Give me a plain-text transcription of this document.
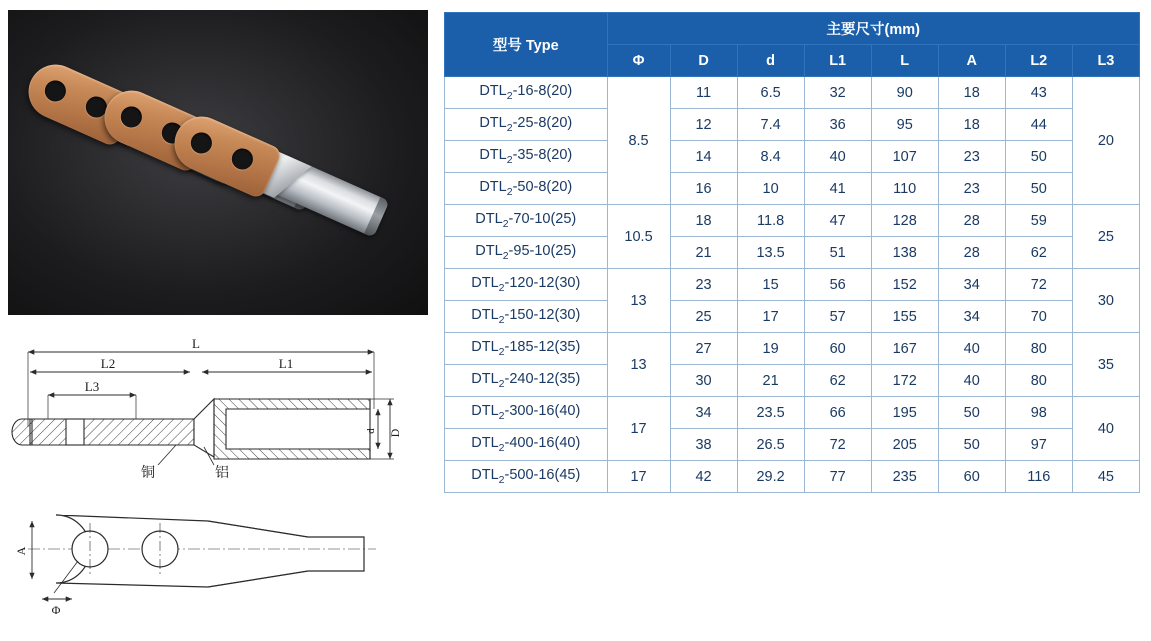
L
L2	L1
L3
D
d
铜	铝
A
Φ
型号 Type	主要尺寸(mm)							
	Φ	D	d	L1	L	A	L2	L3
$DTL_2-16-8(20)$	8.5	11	6.5	32	90	18	43	20
$DTL_2-25-8(20)$		12	7.4	36	95	18	44	
$DTL_2-35-8(20)$		14	8.4	40	107	23	50	
$DTL_2-50-8(20)$		16	10	41	110	23	50	
$DTL_2-70-10(25)$	10.5	18	11.8	47	128	28	59	25
$DTL_2-95-10(25)$		21	13.5	51	138	28	62	
$DTL_2-120-12(30)$	13	23	15	56	152	34	72	30
$DTL_2-150-12(30)$		25	17	57	155	34	70	
$DTL_2-185-12(35)$	13	27	19	60	167	40	80	35
$DTL_2-240-12(35)$		30	21	62	172	40	80	
$DTL_2-300-16(40)$	17	34	23.5	66	195	50	98	40
$DTL_2-400-16(40)$		38	26.5	72	205	50	97	
$DTL_2-500-16(45)$	17	42	29.2	77	235	60	116	45
